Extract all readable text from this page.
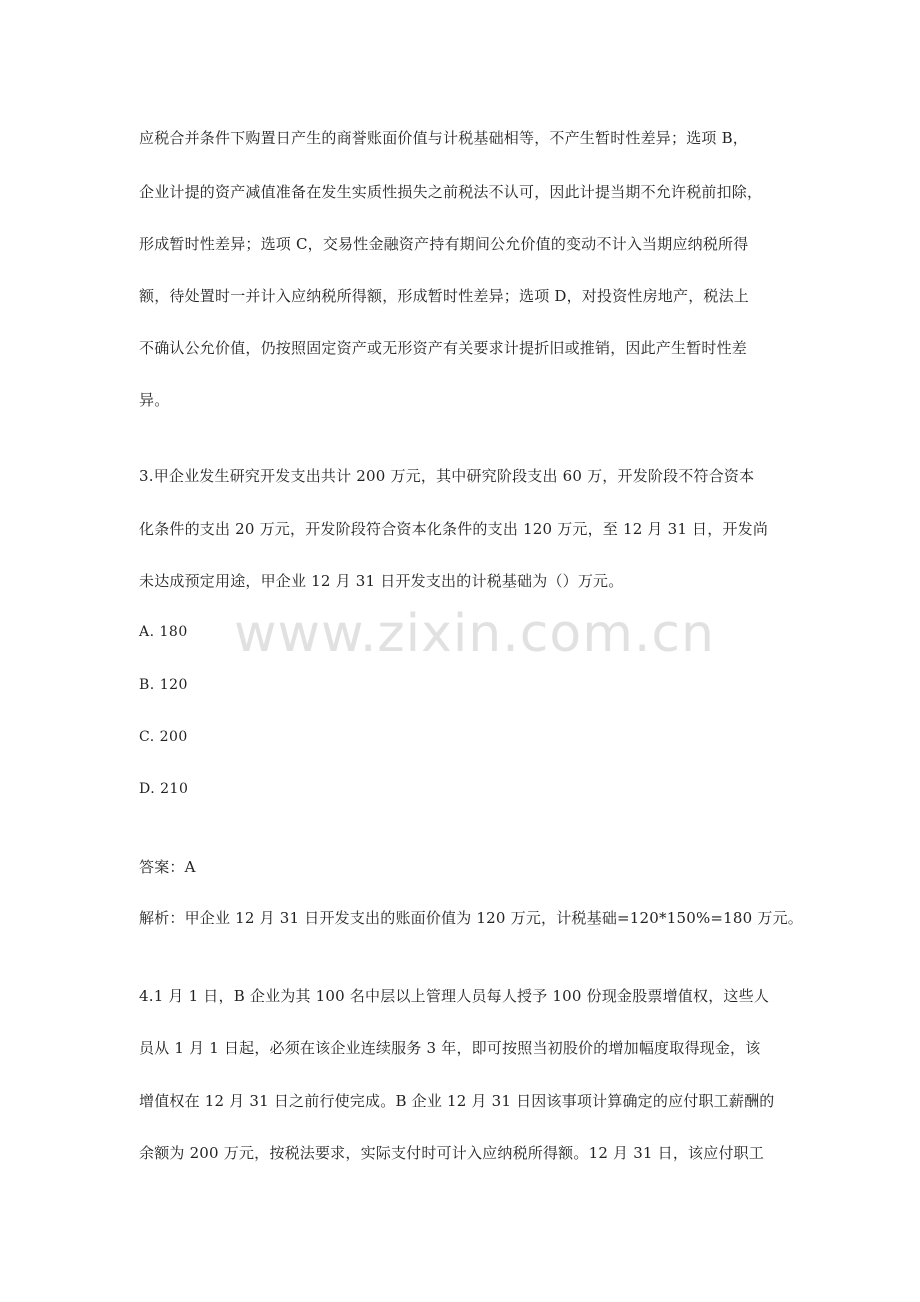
应税合并条件下购置日产生的商誉账面价值与计税基础相等，不产生暂时性差异；选项 B，
企业计提的资产减值准备在发生实质性损失之前税法不认可，因此计提当期不允许税前扣除，
形成暂时性差异；选项 C，交易性金融资产持有期间公允价值的变动不计入当期应纳税所得
额，待处置时一并计入应纳税所得额，形成暂时性差异；选项 D，对投资性房地产，税法上
不确认公允价值，仍按照固定资产或无形资产有关要求计提折旧或推销，因此产生暂时性差
异。
3.甲企业发生研究开发支出共计 200 万元，其中研究阶段支出 60 万，开发阶段不符合资本
化条件的支出 20 万元，开发阶段符合资本化条件的支出 120 万元，至 12 月 31 日，开发尚
未达成预定用途，甲企业 12 月 31 日开发支出的计税基础为（）万元。
A. 180
B. 120
C. 200
D. 210
答案：A
解析：甲企业 12 月 31 日开发支出的账面价值为 120 万元，计税基础=120*150%=180 万元。
4.1 月 1 日，B 企业为其 100 名中层以上管理人员每人授予 100 份现金股票增值权，这些人
员从 1 月 1 日起，必须在该企业连续服务 3 年，即可按照当初股价的增加幅度取得现金，该
增值权在 12 月 31 日之前行使完成。B 企业 12 月 31 日因该事项计算确定的应付职工薪酬的
余额为 200 万元，按税法要求，实际支付时可计入应纳税所得额。12 月 31 日，该应付职工
www.zixin.com.cn
